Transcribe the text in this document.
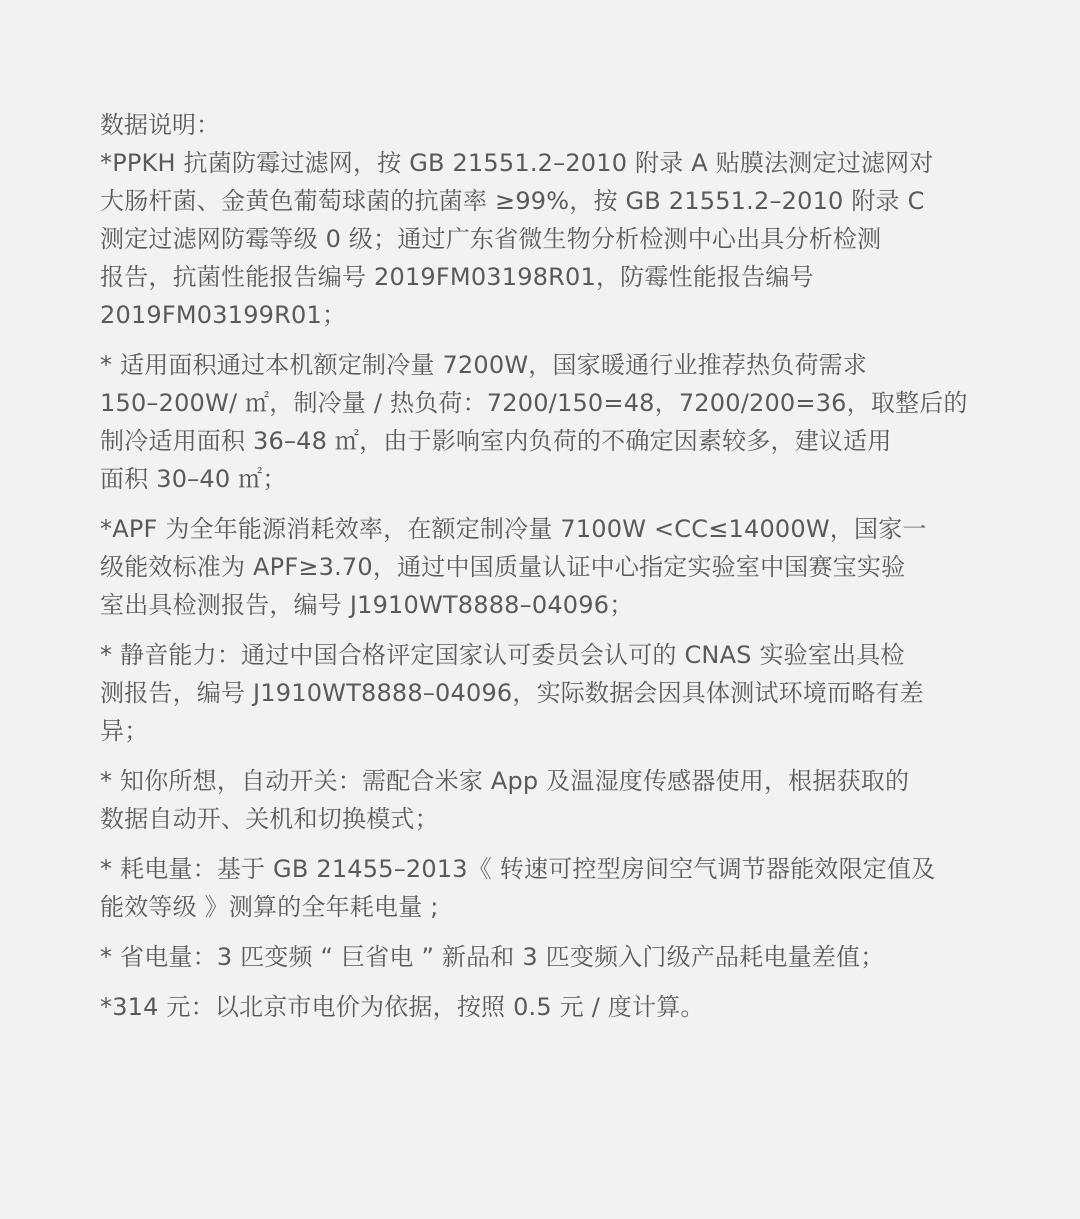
数据说明：

*PPKH 抗菌防霉过滤网，按 GB 21551.2–2010 附录 A 贴膜法测定过滤网对
大肠杆菌、金黄色葡萄球菌的抗菌率 ≥99%，按 GB 21551.2–2010 附录 C
测定过滤网防霉等级 0 级；通过广东省微生物分析检测中心出具分析检测
报告，抗菌性能报告编号 2019FM03198R01，防霉性能报告编号
2019FM03199R01；

* 适用面积通过本机额定制冷量 7200W，国家暖通行业推荐热负荷需求
150–200W/ ㎡，制冷量 / 热负荷：7200/150=48，7200/200=36，取整后的
制冷适用面积 36–48 ㎡，由于影响室内负荷的不确定因素较多，建议适用
面积 30–40 ㎡；

*APF 为全年能源消耗效率，在额定制冷量 7100W <CC≤14000W，国家一
级能效标准为 APF≥3.70，通过中国质量认证中心指定实验室中国赛宝实验
室出具检测报告，编号 J1910WT8888–04096；

* 静音能力：通过中国合格评定国家认可委员会认可的 CNAS 实验室出具检
测报告，编号 J1910WT8888–04096，实际数据会因具体测试环境而略有差
异；

* 知你所想，自动开关：需配合米家 App 及温湿度传感器使用，根据获取的
数据自动开、关机和切换模式；

* 耗电量：基于 GB 21455–2013《 转速可控型房间空气调节器能效限定值及
能效等级 》测算的全年耗电量 ;

* 省电量：3 匹变频 “ 巨省电 ” 新品和 3 匹变频入门级产品耗电量差值；

*314 元：以北京市电价为依据，按照 0.5 元 / 度计算。
